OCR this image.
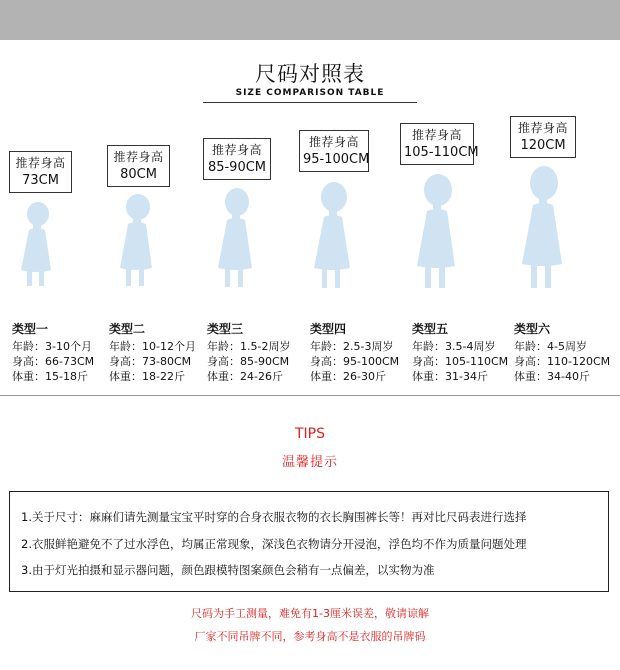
尺码对照表
SIZE COMPARISON TABLE
推荐身高
73CM
类型一
年龄：3-10个月
身高：66-73CM
体重：15-18斤
推荐身高
80CM
类型二
年龄：10-12个月
身高：73-80CM
体重：18-22斤
推荐身高
85-90CM
类型三
年龄：1.5-2周岁
身高：85-90CM
体重：24-26斤
推荐身高
95-100CM
类型四
年龄：2.5-3周岁
身高：95-100CM
体重：26-30斤
推荐身高
105-110CM
类型五
年龄：3.5-4周岁
身高：105-110CM
体重：31-34斤
推荐身高
120CM
类型六
年龄：4-5周岁
身高：110-120CM
体重：34-40斤
TIPS
温馨提示
1.关于尺寸：麻麻们请先测量宝宝平时穿的合身衣服衣物的衣长胸围裤长等！再对比尺码表进行选择
2.衣服鲜艳避免不了过水浮色，均属正常现象，深浅色衣物请分开浸泡，浮色均不作为质量问题处理
3.由于灯光拍摄和显示器问题，颜色跟模特图案颜色会稍有一点偏差，以实物为准
尺码为手工测量，难免有1-3厘米误差，敬请谅解
厂家不同吊牌不同，参考身高不是衣服的吊牌码
